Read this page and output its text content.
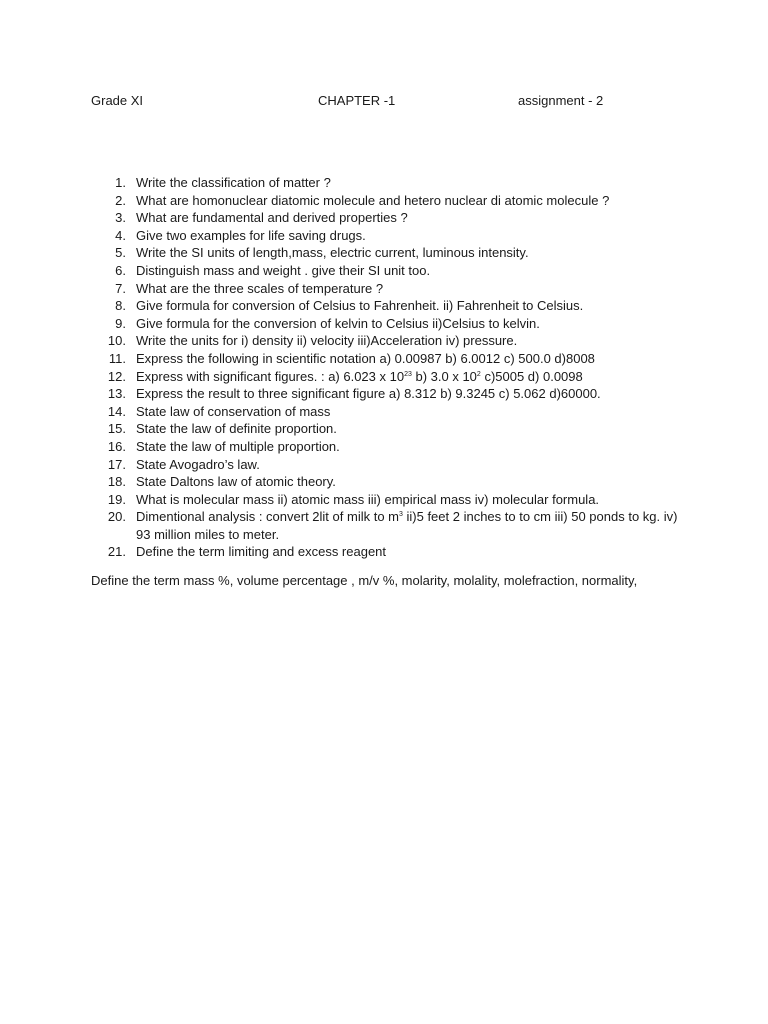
Grade XI	CHAPTER -1	assignment - 2
1. Write the classification of matter ?
2. What are homonuclear diatomic molecule and hetero nuclear di atomic molecule ?
3. What are fundamental and derived properties ?
4. Give two examples for life saving drugs.
5. Write the SI units of length,mass, electric current, luminous intensity.
6. Distinguish mass and weight . give their SI unit too.
7. What are the three scales of temperature ?
8. Give formula for conversion of Celsius to Fahrenheit. ii) Fahrenheit to Celsius.
9. Give formula for the conversion of kelvin to Celsius ii)Celsius to kelvin.
10. Write the units for i) density ii) velocity iii)Acceleration iv) pressure.
11. Express the following in scientific notation a) 0.00987 b) 6.0012 c) 500.0 d)8008
12. Express with significant figures. : a) 6.023 x $10^{23}$ b) 3.0 x $10^2$ c)5005 d) 0.0098
13. Express the result to three significant figure a) 8.312 b) 9.3245 c) 5.062 d)60000.
14. State law of conservation of mass
15. State the law of definite proportion.
16. State the law of multiple proportion.
17. State Avogadro’s law.
18. State Daltons law of atomic theory.
19. What is molecular mass ii) atomic mass iii) empirical mass iv) molecular formula.
20. Dimentional analysis : convert 2lit of milk to $m^3$ ii)5 feet 2 inches to to cm iii) 50 ponds to kg. iv) 93 million miles to meter.
21. Define the term limiting and excess reagent
Define the term mass %, volume percentage , m/v %, molarity, molality, molefraction, normality,
